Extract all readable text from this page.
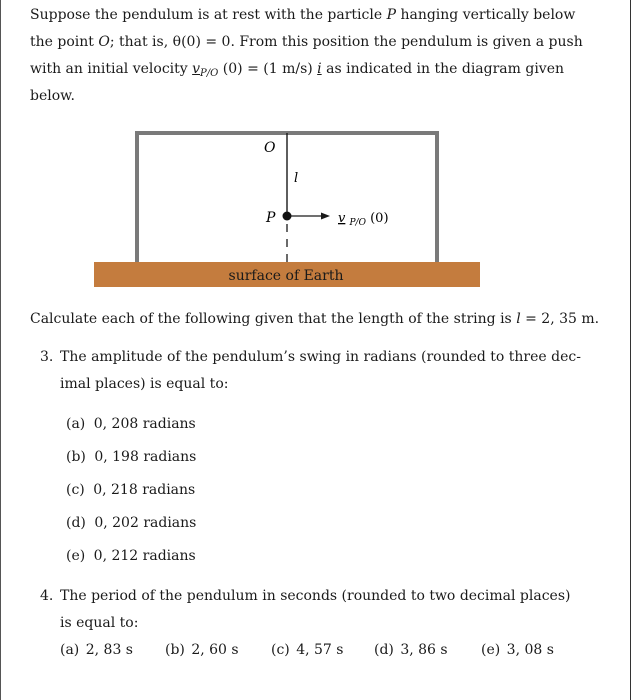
Suppose the pendulum is at rest with the particle P hanging vertically below
the point O; that is, θ(0) = 0. From this position the pendulum is given a push
with an initial velocity $v_{P/O}$ (0) = (1 m/s) i as indicated in the diagram given
below.
O
l
P	v $_{P/O}$ (0)
surface of Earth
Calculate each of the following given that the length of the string is l = 2, 35 m.
3. The amplitude of the pendulum’s swing in radians (rounded to three dec-
imal places) is equal to:
(a) 0, 208 radians
(b) 0, 198 radians
(c) 0, 218 radians
(d) 0, 202 radians
(e) 0, 212 radians
4. The period of the pendulum in seconds (rounded to two decimal places)
is equal to:
(a) 2, 83 s (b) 2, 60 s (c) 4, 57 s (d) 3, 86 s (e) 3, 08 s
